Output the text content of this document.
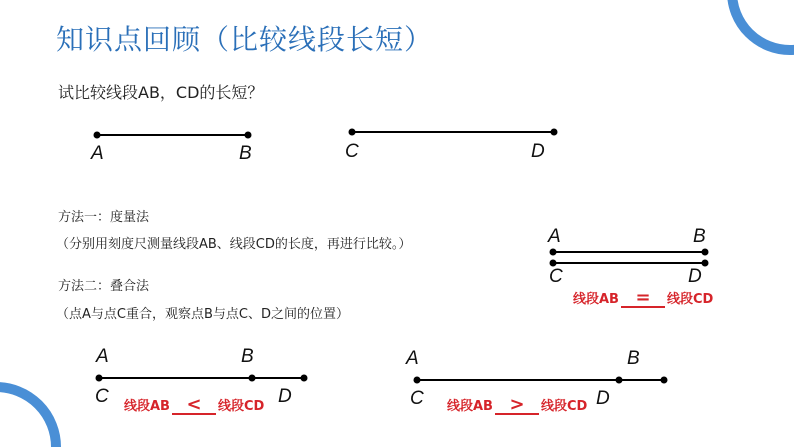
知识点回顾（比较线段长短）
试比较线段AB，CD的长短？
A	B	C	D
方法一：度量法
（分别用刻度尺测量线段AB、线段CD的长度，再进行比较。）
方法二：叠合法
（点A与点C重合，观察点B与点C、D之间的位置）
A	B
C	D
线段AB = 线段CD
A	B
C	D
线段AB < 线段CD
A	B
C	D
线段AB > 线段CD
